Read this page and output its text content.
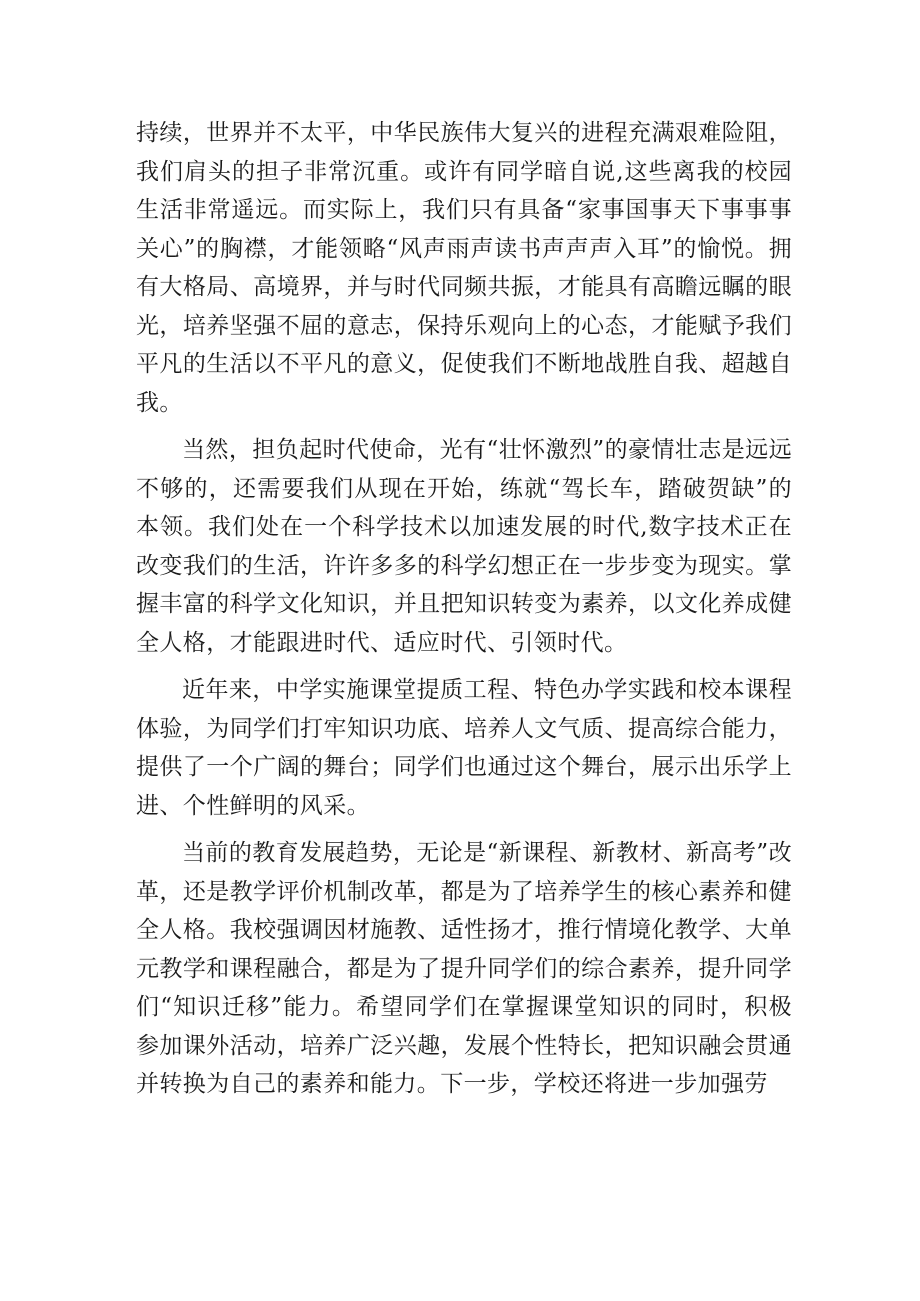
持续，世界并不太平，中华民族伟大复兴的进程充满艰难险阻，我们肩头的担子非常沉重。或许有同学暗自说,这些离我的校园生活非常遥远。而实际上，我们只有具备“家事国事天下事事事关心”的胸襟，才能领略“风声雨声读书声声声入耳”的愉悦。拥有大格局、高境界，并与时代同频共振，才能具有高瞻远瞩的眼光，培养坚强不屈的意志，保持乐观向上的心态，才能赋予我们平凡的生活以不平凡的意义，促使我们不断地战胜自我、超越自我。

当然，担负起时代使命，光有“壮怀激烈”的豪情壮志是远远不够的，还需要我们从现在开始，练就“驾长车，踏破贺缺”的本领。我们处在一个科学技术以加速发展的时代,数字技术正在改变我们的生活，许许多多的科学幻想正在一步步变为现实。掌握丰富的科学文化知识，并且把知识转变为素养，以文化养成健全人格，才能跟进时代、适应时代、引领时代。

近年来，中学实施课堂提质工程、特色办学实践和校本课程体验，为同学们打牢知识功底、培养人文气质、提高综合能力，提供了一个广阔的舞台；同学们也通过这个舞台，展示出乐学上进、个性鲜明的风采。

当前的教育发展趋势，无论是“新课程、新教材、新高考”改革，还是教学评价机制改革，都是为了培养学生的核心素养和健全人格。我校强调因材施教、适性扬才，推行情境化教学、大单元教学和课程融合，都是为了提升同学们的综合素养，提升同学们“知识迁移”能力。希望同学们在掌握课堂知识的同时，积极参加课外活动，培养广泛兴趣，发展个性特长，把知识融会贯通并转换为自己的素养和能力。下一步，学校还将进一步加强劳
